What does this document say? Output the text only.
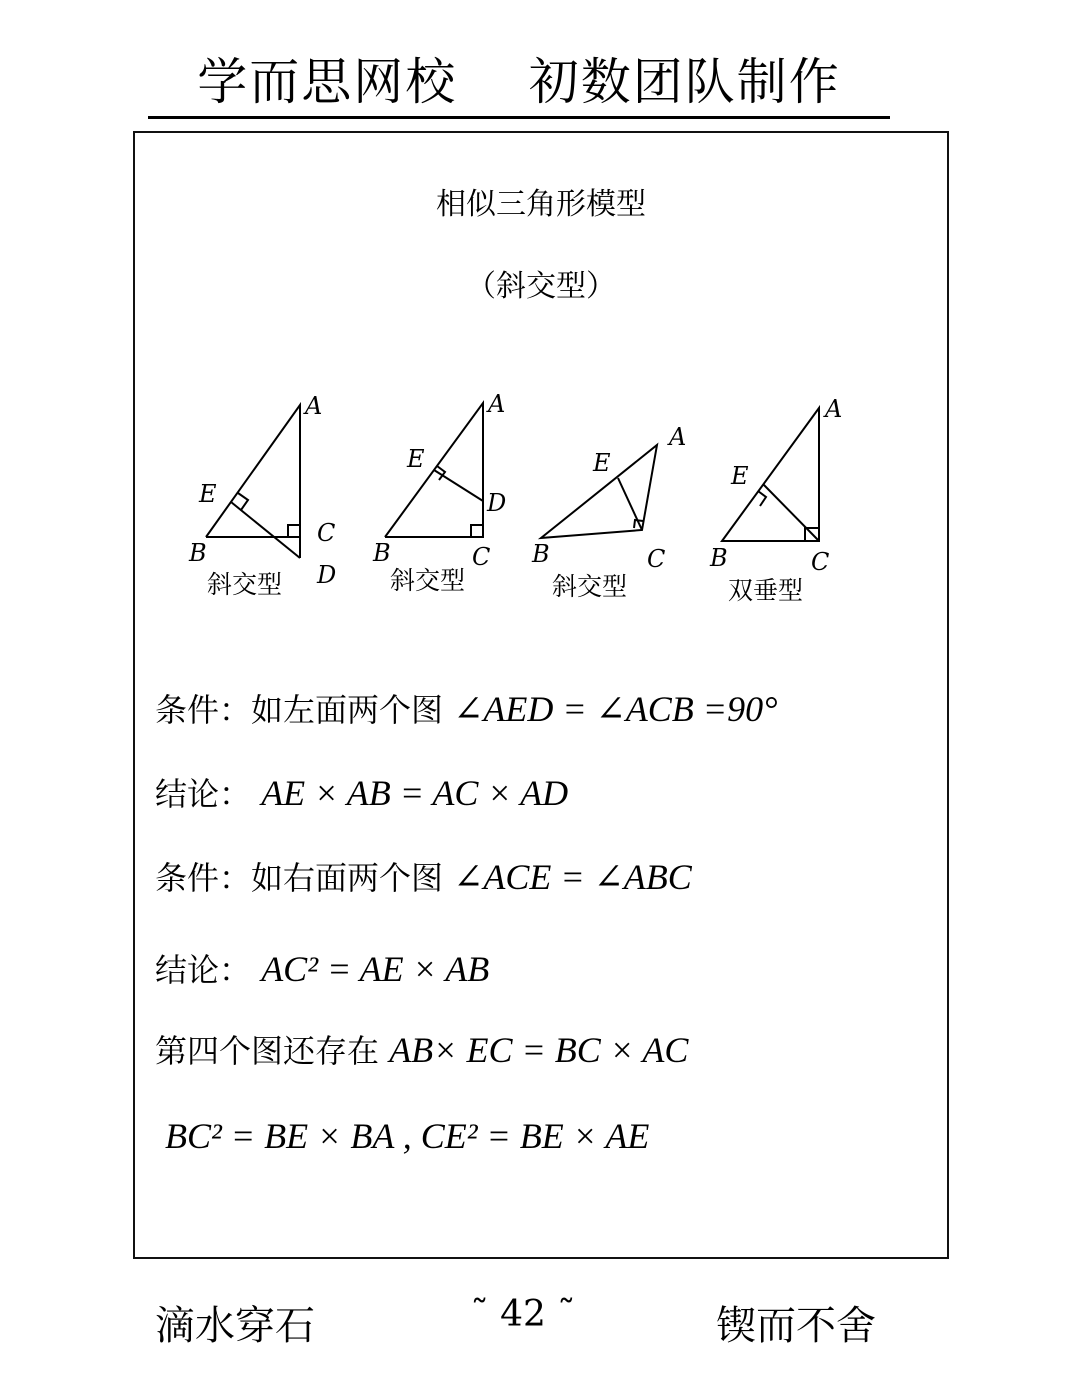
学而思网校    初数团队制作
相似三角形模型
（斜交型）
A
E
B
C
D
斜交型
A
E
D
B	C
斜交型
A
E
B	C
斜交型
A
E
B	C
双垂型
条件：如左面两个图 ∠AED = ∠ACB =90°
结论： AE × AB = AC × AD
条件：如右面两个图 ∠ACE = ∠ABC
结论： AC² = AE × AB
第四个图还存在 AB× EC = BC × AC
BC² = BE × BA , CE² = BE × AE
滴水穿石	˜ 42 ˜	锲而不舍
